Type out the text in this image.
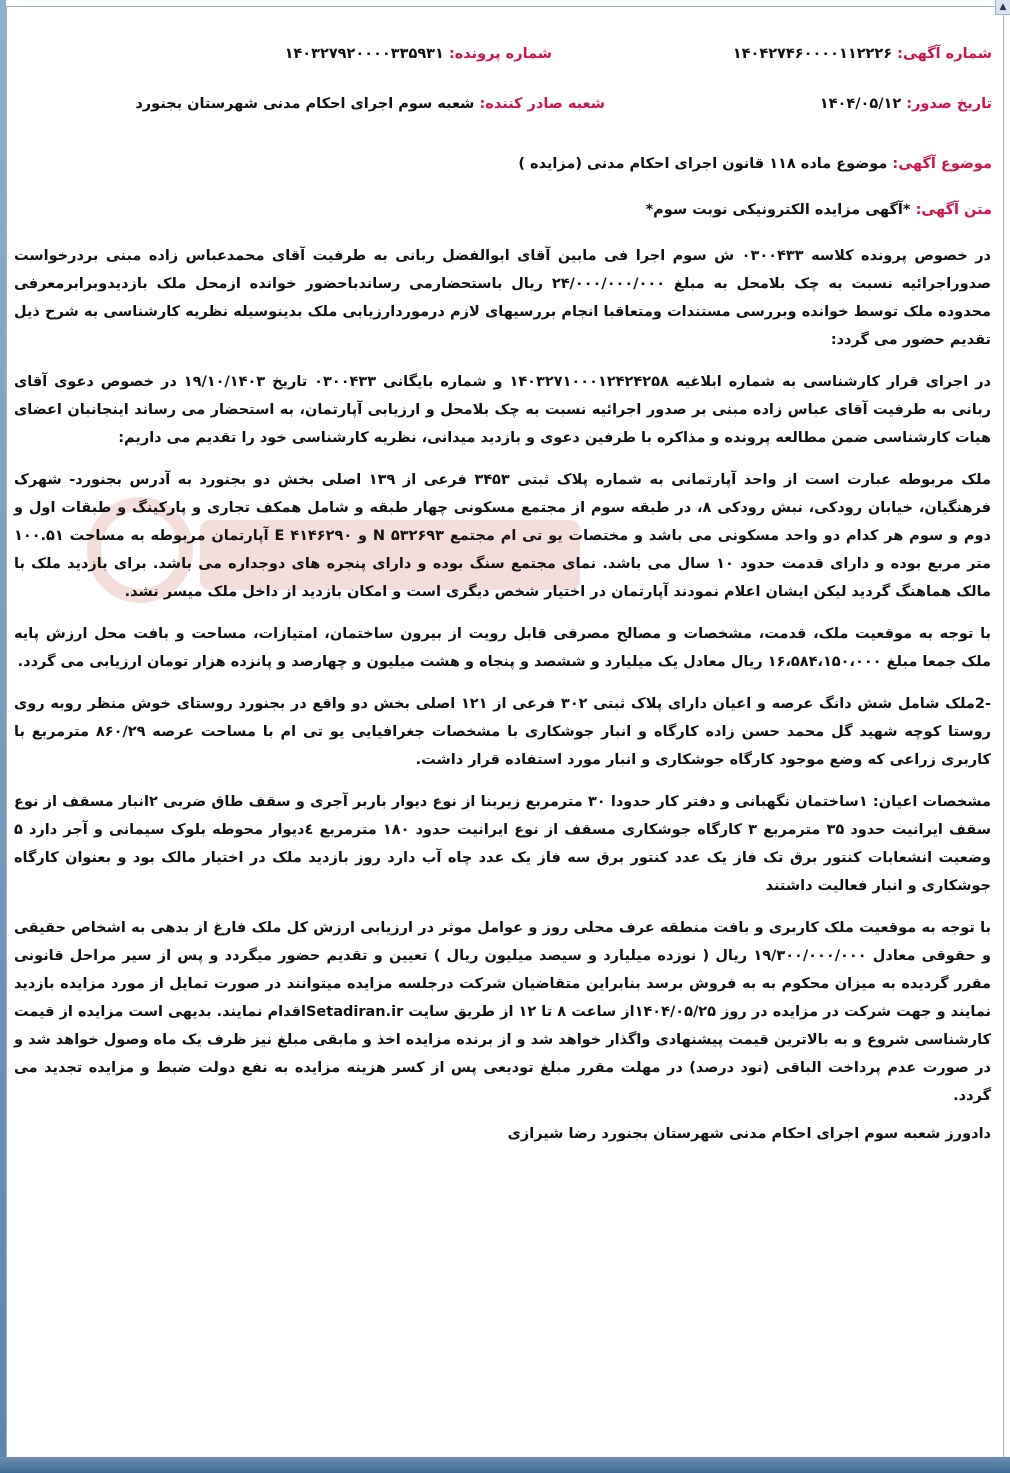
▲
شماره آگهی: ۱۴۰۴۲۷۴۶۰۰۰۰۱۱۲۲۲۶
شماره پرونده: ۱۴۰۳۲۷۹۲۰۰۰۰۳۳۵۹۳۱
تاریخ صدور: ۱۴۰۴/۰۵/۱۲
شعبه صادر کننده: شعبه سوم اجرای احکام مدنی شهرستان بجنورد
موضوع آگهی: موضوع ماده ۱۱۸ قانون اجرای احکام مدنی (مزایده )
متن آگهی: *آگهی مزایده الکترونیکی نوبت سوم*

در خصوص پرونده کلاسه ۰۳۰۰۴۳۳ ش سوم اجرا فی مابین آقای ابوالفضل ربانی به طرفیت آقای محمدعباس زاده مبنی بردرخواست صدوراجرائیه نسبت به چک بلامحل به مبلغ ۲۴/۰۰۰/۰۰۰/۰۰۰ ریال باستحضارمی رساندباحضور خوانده ازمحل ملک بازدیدوبرابرمعرفی محدوده ملک توسط خوانده وبررسی مستندات ومتعاقبا انجام بررسیهای لازم درموردارزیابی ملک بدینوسیله نظریه کارشناسی به شرح ذیل تقدیم حضور می گردد:

در اجرای قرار کارشناسی به شماره ابلاغیه ۱۴۰۳۲۷۱۰۰۰۱۲۴۲۴۲۵۸ و شماره بایگانی ۰۳۰۰۴۳۳ تاریخ ۱۹/۱۰/۱۴۰۳ در خصوص دعوی آقای ربانی به طرفیت آقای عباس زاده مبنی بر صدور اجرائیه نسبت به چک بلامحل و ارزیابی آپارتمان، به استحضار می رساند اینجانبان اعضای هیات کارشناسی ضمن مطالعه پرونده و مذاکره با طرفین دعوی و بازدید میدانی، نظریه کارشناسی خود را تقدیم می داریم:

ملک مربوطه عبارت است از واحد آپارتمانی به شماره پلاک ثبتی ۳۴۵۳ فرعی از ۱۳۹ اصلی بخش دو بجنورد به آدرس بجنورد- شهرک فرهنگیان، خیابان رودکی، نبش رودکی ۸، در طبقه سوم از مجتمع مسکونی چهار طبقه و شامل همکف تجاری و پارکینگ و طبقات اول و دوم و سوم هر کدام دو واحد مسکونی می باشد و مختصات یو تی ام مجتمع ۵۳۲۶۹۳ N و ۴۱۴۶۲۹۰ E آپارتمان مربوطه به مساحت ۱۰۰.۵۱ متر مربع بوده و دارای قدمت حدود ۱۰ سال می باشد. نمای مجتمع سنگ بوده و دارای پنجره های دوجداره می باشد. برای بازدید ملک با مالک هماهنگ گردید لیکن ایشان اعلام نمودند آپارتمان در اختیار شخص دیگری است و امکان بازدید از داخل ملک میسر نشد.

با توجه به موقعیت ملک، قدمت، مشخصات و مصالح مصرفی قابل رویت از بیرون ساختمان، امتیازات، مساحت و بافت محل ارزش پایه ملک جمعا مبلغ ۱۶،۵۸۴،۱۵۰،۰۰۰ ریال معادل یک میلیارد و ششصد و پنجاه و هشت میلیون و چهارصد و پانزده هزار تومان ارزیابی می گردد.

-2ملک شامل شش دانگ عرصه و اعیان دارای پلاک ثبتی ۳۰۲ فرعی از ۱۲۱ اصلی بخش دو واقع در بجنورد روستای خوش منظر روبه روی روستا کوچه شهید گل محمد حسن زاده کارگاه و انبار جوشکاری با مشخصات جغرافیایی یو تی ام با مساحت عرصه ۸۶۰/۲۹ مترمربع با کاربری زراعی که وضع موجود کارگاه جوشکاری و انبار مورد استفاده قرار داشت.

مشخصات اعیان: ۱ساختمان نگهبانی و دفتر کار حدودا ۳۰ مترمربع زیربنا از نوع دیوار باربر آجری و سقف طاق ضربی ۲انبار مسقف از نوع سقف ایرانیت حدود ۳۵ مترمربع ۳ کارگاه جوشکاری مسقف از نوع ایرانیت حدود ۱۸۰ مترمربع ٤دیوار محوطه بلوک سیمانی و آجر دارد ۵ وضعیت انشعابات کنتور برق تک فاز یک عدد کنتور برق سه فاز یک عدد چاه آب دارد روز بازدید ملک در اختیار مالک بود و بعنوان کارگاه جوشکاری و انبار فعالیت داشتند

با توجه به موقعیت ملک کاربری و بافت منطقه عرف محلی روز و عوامل موثر در ارزیابی ارزش کل ملک فارغ از بدهی به اشخاص حقیقی و حقوقی معادل ۱۹/۳۰۰/۰۰۰/۰۰۰ ریال ( نوزده میلیارد و سیصد میلیون ریال ) تعیین و تقدیم حضور میگردد و پس از سیر مراحل قانونی مقرر گردیده به میزان محکوم به به فروش برسد بنابراین متقاضیان شرکت درجلسه مزایده میتوانند در صورت تمایل از مورد مزایده بازدید نمایند و جهت شرکت در مزایده در روز ۱۴۰۴/۰۵/۲۵از ساعت ۸ تا ۱۲ از طریق سایت Setadiran.irاقدام نمایند. بدیهی است مزایده از قیمت کارشناسی شروع و به بالاترین قیمت پیشنهادی واگذار خواهد شد و از برنده مزایده اخذ و مابقی مبلغ نیز ظرف یک ماه وصول خواهد شد و در صورت عدم پرداخت الباقی (نود درصد) در مهلت مقرر مبلغ تودیعی پس از کسر هزینه مزایده به نفع دولت ضبط و مزایده تجدید می گردد.

دادورز شعبه سوم اجرای احکام مدنی شهرستان بجنورد رضا شیرازی
